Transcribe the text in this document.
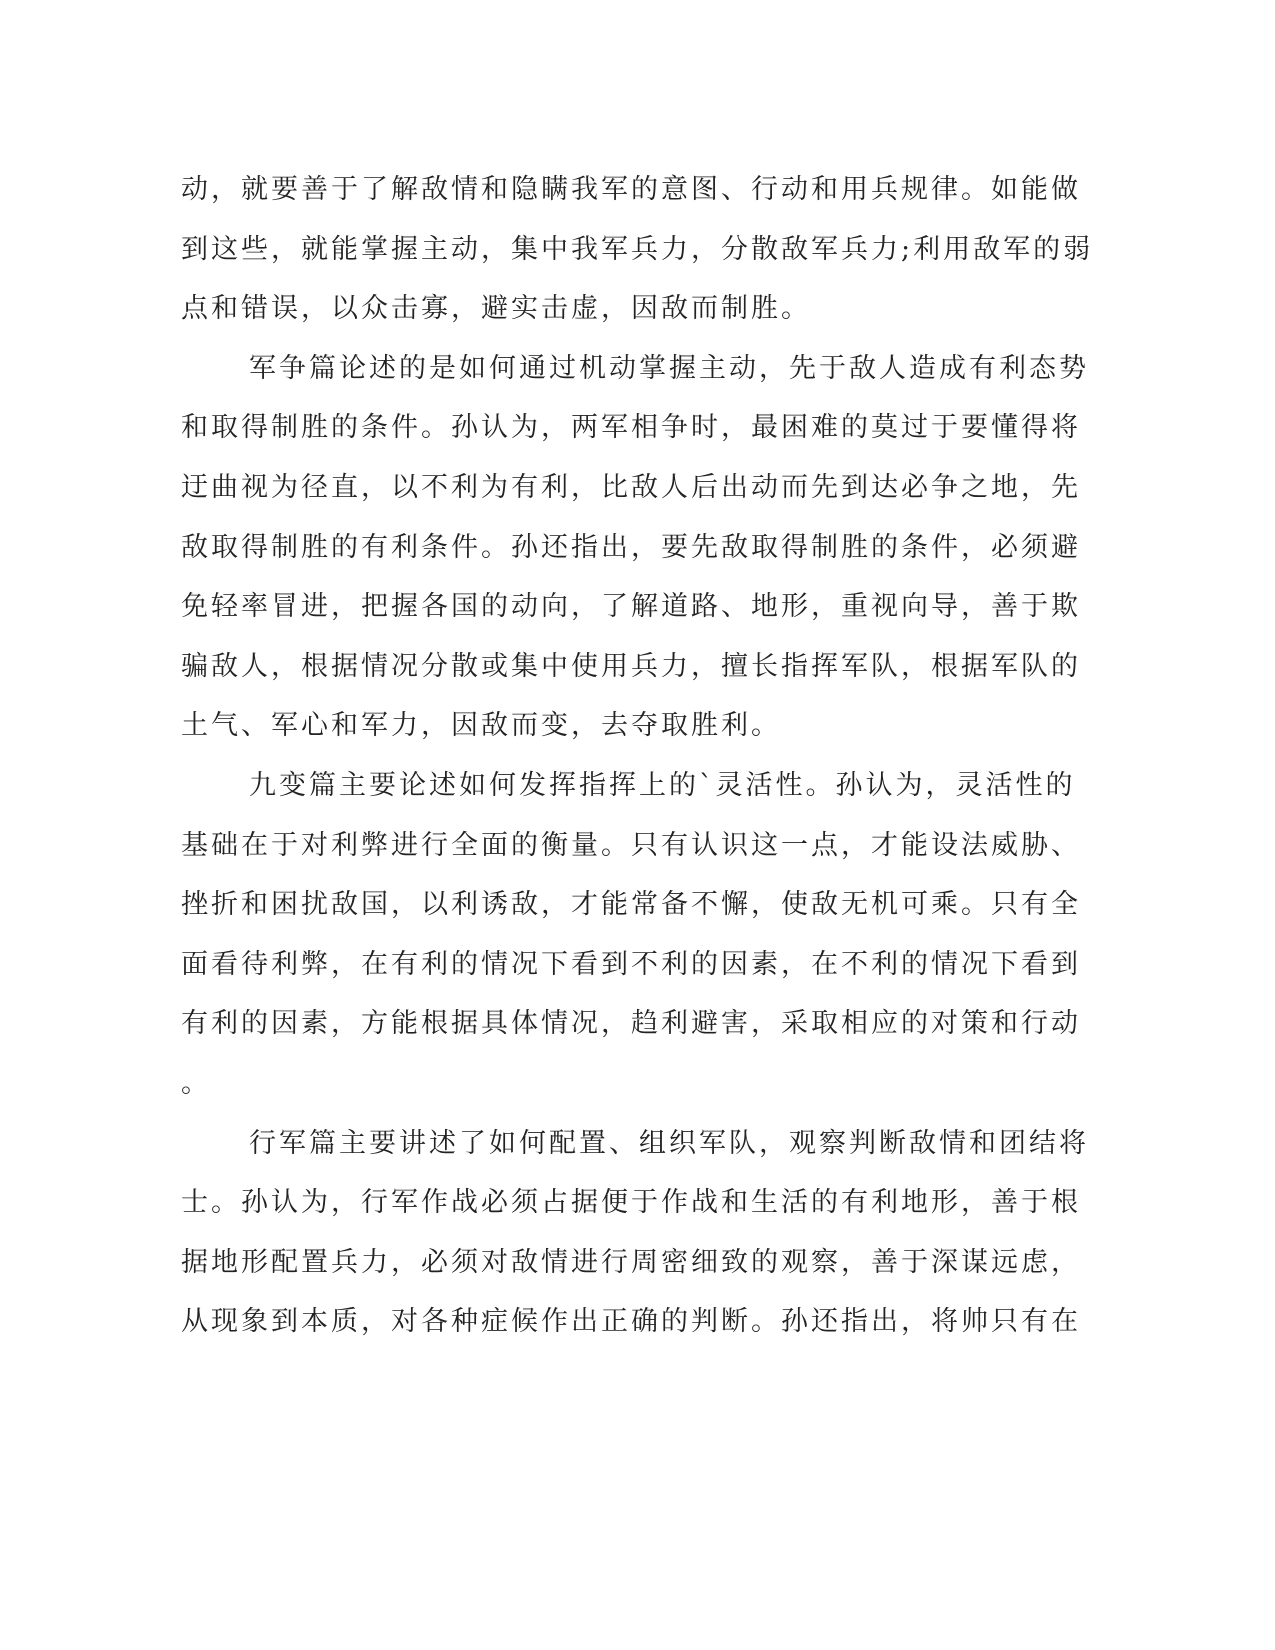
动，就要善于了解敌情和隐瞒我军的意图、行动和用兵规律。如能做
到这些，就能掌握主动，集中我军兵力，分散敌军兵力;利用敌军的弱
点和错误，以众击寡，避实击虚，因敌而制胜。
军争篇论述的是如何通过机动掌握主动，先于敌人造成有利态势
和取得制胜的条件。孙认为，两军相争时，最困难的莫过于要懂得将
迂曲视为径直，以不利为有利，比敌人后出动而先到达必争之地，先
敌取得制胜的有利条件。孙还指出，要先敌取得制胜的条件，必须避
免轻率冒进，把握各国的动向，了解道路、地形，重视向导，善于欺
骗敌人，根据情况分散或集中使用兵力，擅长指挥军队，根据军队的
土气、军心和军力，因敌而变，去夺取胜利。
九变篇主要论述如何发挥指挥上的`灵活性。孙认为，灵活性的
基础在于对利弊进行全面的衡量。只有认识这一点，才能设法威胁、
挫折和困扰敌国，以利诱敌，才能常备不懈，使敌无机可乘。只有全
面看待利弊，在有利的情况下看到不利的因素，在不利的情况下看到
有利的因素，方能根据具体情况，趋利避害，采取相应的对策和行动
。
行军篇主要讲述了如何配置、组织军队，观察判断敌情和团结将
士。孙认为，行军作战必须占据便于作战和生活的有利地形，善于根
据地形配置兵力，必须对敌情进行周密细致的观察，善于深谋远虑，
从现象到本质，对各种症候作出正确的判断。孙还指出，将帅只有在
